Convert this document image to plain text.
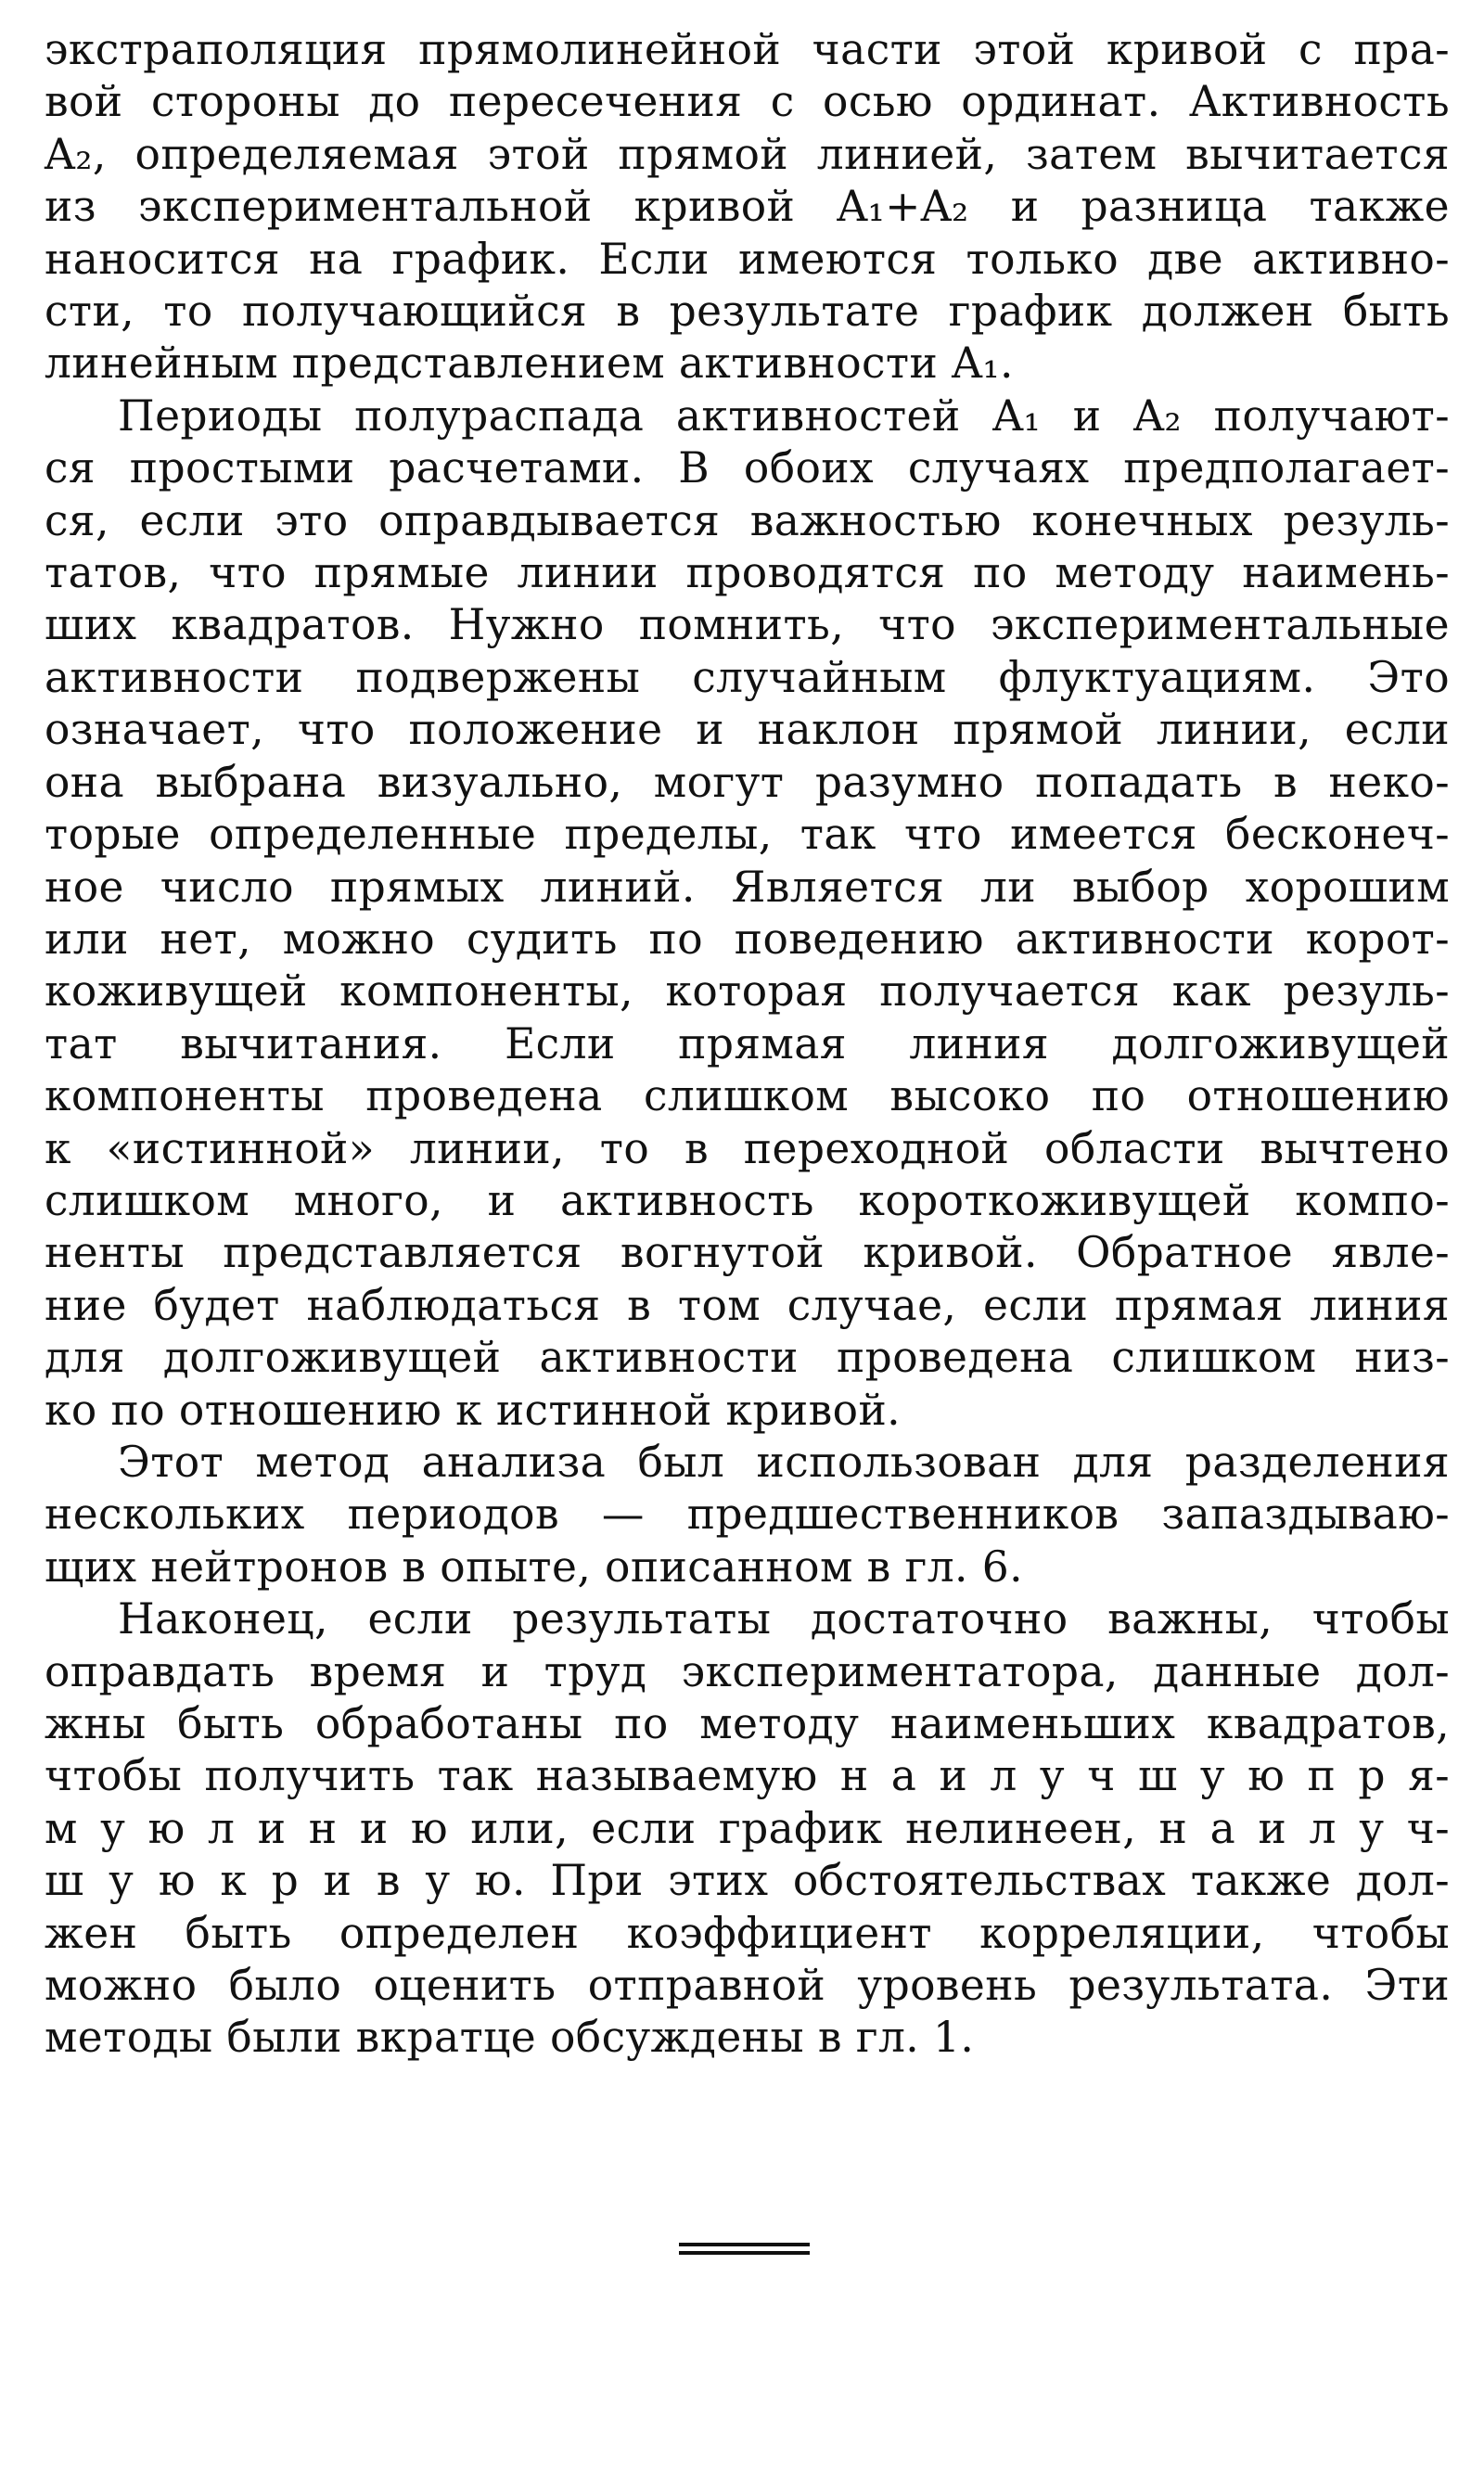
экстраполяция прямолинейной части этой кривой с пра-
вой стороны до пересечения с осью ординат. Активность
A₂, определяемая этой прямой линией, затем вычитается
из экспериментальной кривой A₁+A₂ и разница также
наносится на график. Если имеются только две активно-
сти, то получающийся в результате график должен быть
линейным представлением активности A₁.

Периоды полураспада активностей A₁ и A₂ получают-
ся простыми расчетами. В обоих случаях предполагает-
ся, если это оправдывается важностью конечных резуль-
татов, что прямые линии проводятся по методу наимень-
ших квадратов. Нужно помнить, что экспериментальные
активности подвержены случайным флуктуациям. Это
означает, что положение и наклон прямой линии, если
она выбрана визуально, могут разумно попадать в неко-
торые определенные пределы, так что имеется бесконеч-
ное число прямых линий. Является ли выбор хорошим
или нет, можно судить по поведению активности корот-
коживущей компоненты, которая получается как резуль-
тат вычитания. Если прямая линия долгоживущей
компоненты проведена слишком высоко по отношению
к «истинной» линии, то в переходной области вычтено
слишком много, и активность короткоживущей компо-
ненты представляется вогнутой кривой. Обратное явле-
ние будет наблюдаться в том случае, если прямая линия
для долгоживущей активности проведена слишком низ-
ко по отношению к истинной кривой.

Этот метод анализа был использован для разделения
нескольких периодов — предшественников запаздываю-
щих нейтронов в опыте, описанном в гл. 6.

Наконец, если результаты достаточно важны, чтобы
оправдать время и труд экспериментатора, данные дол-
жны быть обработаны по методу наименьших квадратов,
чтобы получить так называемую н а и л у ч ш у ю п р я-
м у ю л и н и ю или, если график нелинеен, н а и л у ч-
ш у ю к р и в у ю. При этих обстоятельствах также дол-
жен быть определен коэффициент корреляции, чтобы
можно было оценить отправной уровень результата. Эти
методы были вкратце обсуждены в гл. 1.
